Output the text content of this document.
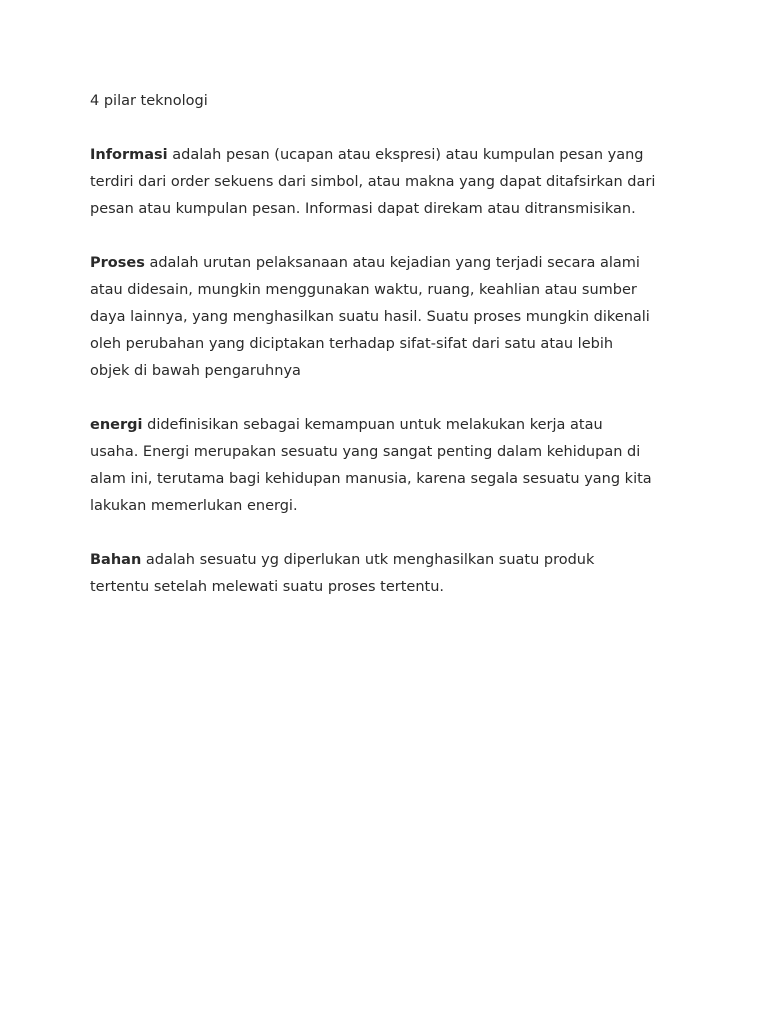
4 pilar teknologi
Informasi adalah pesan (ucapan atau ekspresi) atau kumpulan pesan yang
terdiri dari order sekuens dari simbol, atau makna yang dapat ditafsirkan dari
pesan atau kumpulan pesan. Informasi dapat direkam atau ditransmisikan.
Proses adalah urutan pelaksanaan atau kejadian yang terjadi secara alami
atau didesain, mungkin menggunakan waktu, ruang, keahlian atau sumber
daya lainnya, yang menghasilkan suatu hasil. Suatu proses mungkin dikenali
oleh perubahan yang diciptakan terhadap sifat-sifat dari satu atau lebih
objek di bawah pengaruhnya
energi didefinisikan sebagai kemampuan untuk melakukan kerja atau
usaha. Energi merupakan sesuatu yang sangat penting dalam kehidupan di
alam ini, terutama bagi kehidupan manusia, karena segala sesuatu yang kita
lakukan memerlukan energi.
Bahan adalah sesuatu yg diperlukan utk menghasilkan suatu produk
tertentu setelah melewati suatu proses tertentu.
